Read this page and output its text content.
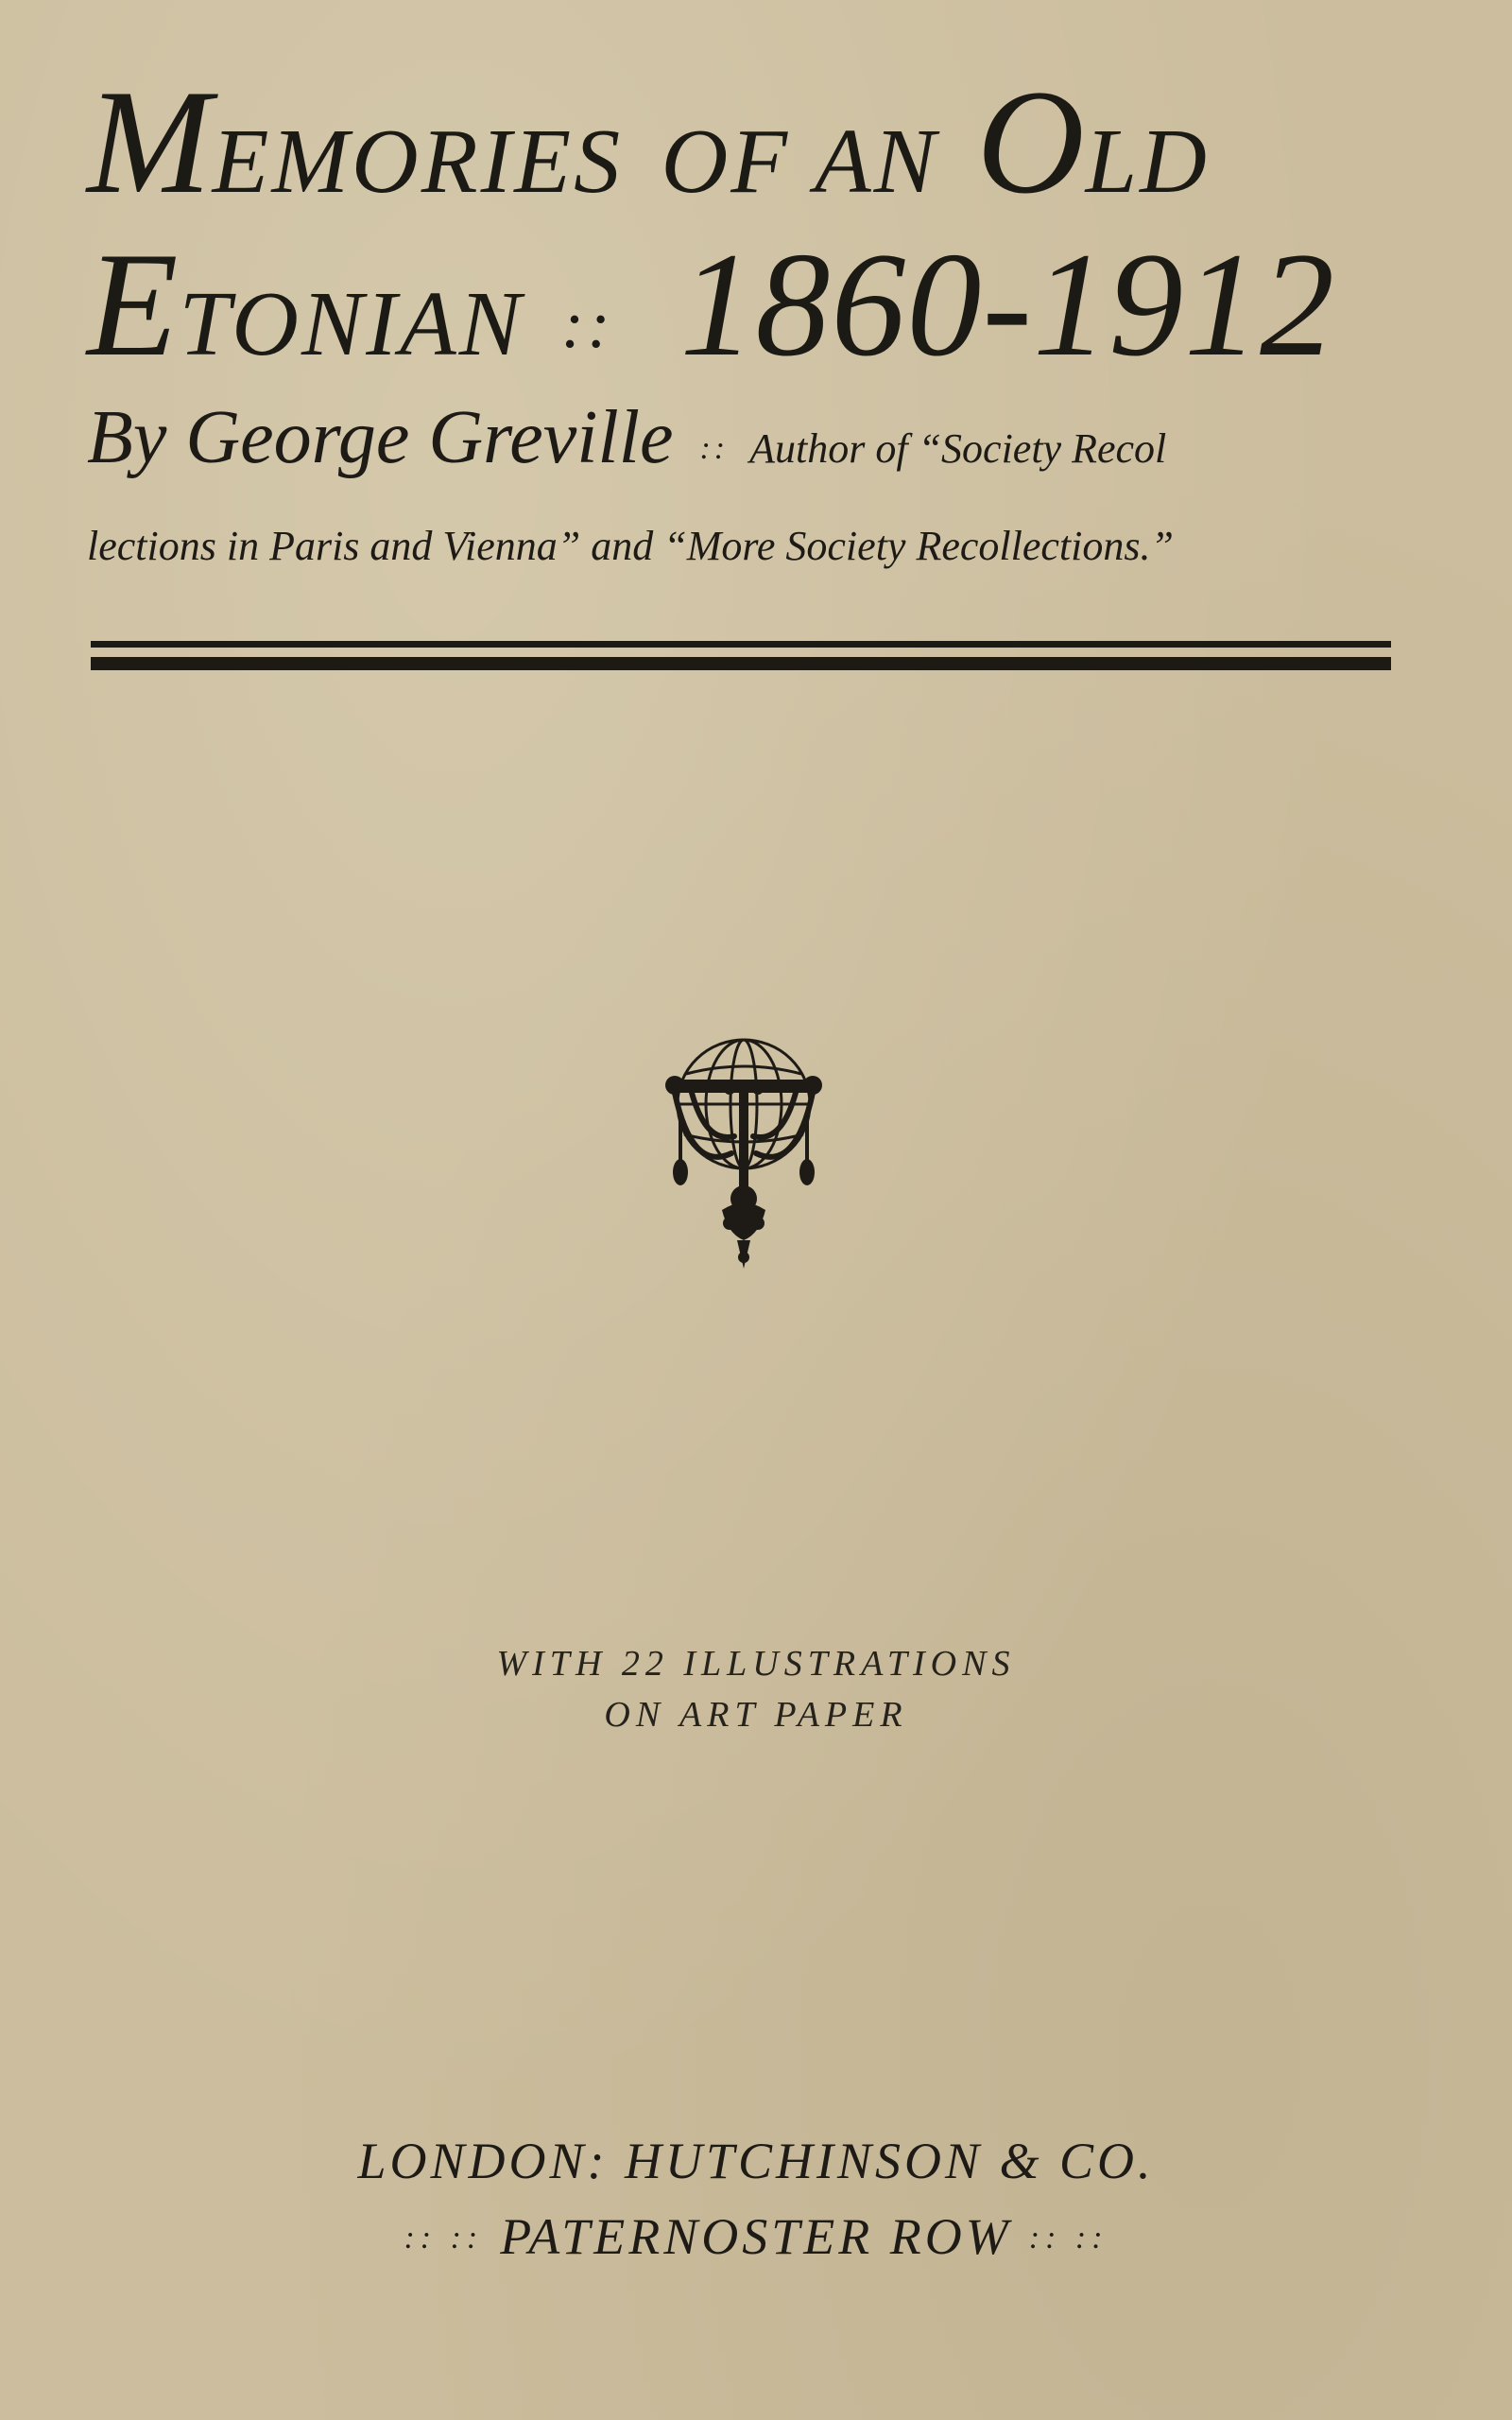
MEMORIES OF AN OLD
ETONIAN :: 1860-1912
By George Greville :: Author of “Society Recol
lections in Paris and Vienna” and “More Society Recollections.”
WITH 22 ILLUSTRATIONS
ON ART PAPER
LONDON: HUTCHINSON & CO.
:: :: PATERNOSTER ROW :: ::
